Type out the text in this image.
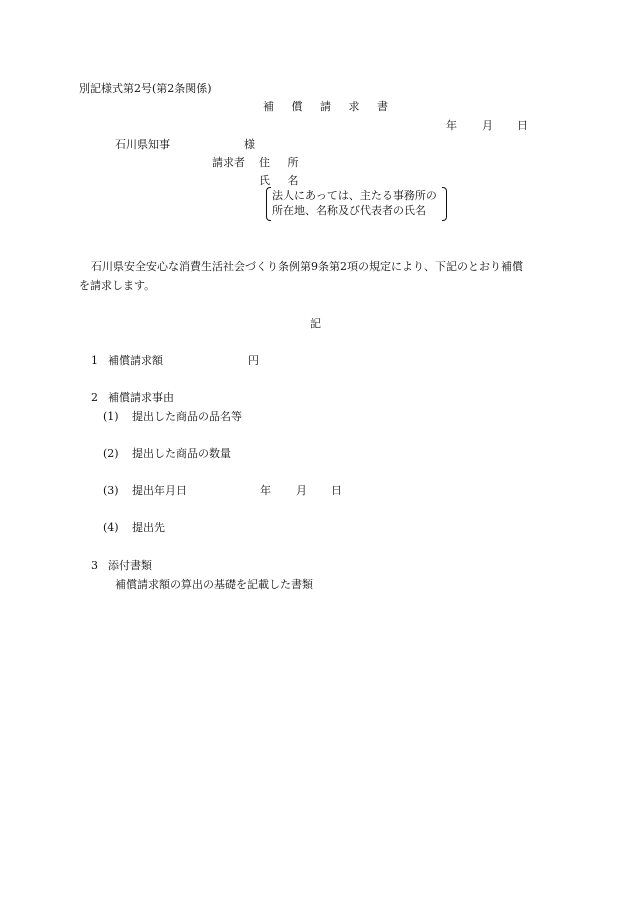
別記様式第2号(第2条関係)
補 償 請 求 書
年 月 日
石川県知事	様
請求者 住 所
氏 名
法人にあっては、主たる事務所の
所在地、名称及び代表者の氏名
石川県安全安心な消費生活社会づくり条例第9条第2項の規定により、下記のとおり補償
を請求します。
記
1 補償請求額	円
2 補償請求事由
(1) 提出した商品の品名等
(2) 提出した商品の数量
(3) 提出年月日	年 月 日
(4) 提出先
3 添付書類
補償請求額の算出の基礎を記載した書類
